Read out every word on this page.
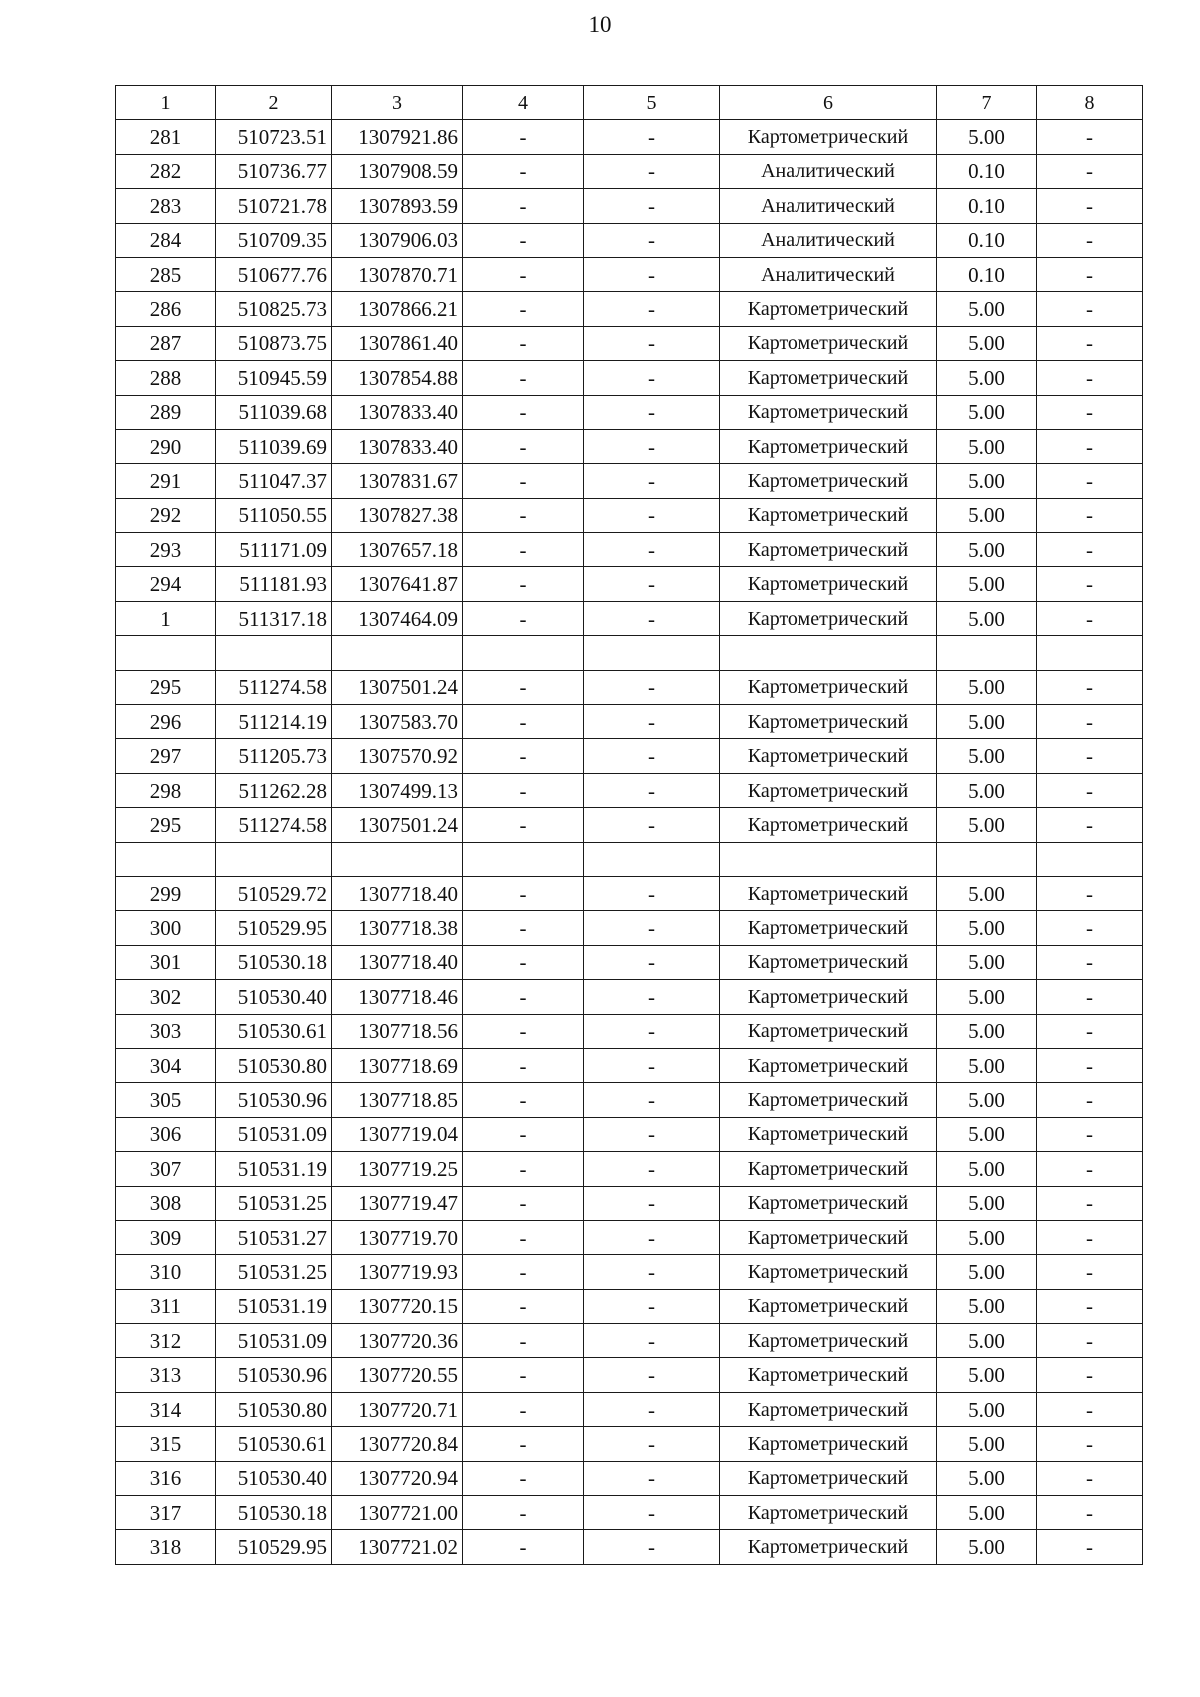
10
1	2	3	4	5	6	7	8
281	510723.51	1307921.86	-	-	Картометрический	5.00	-
282	510736.77	1307908.59	-	-	Аналитический	0.10	-
283	510721.78	1307893.59	-	-	Аналитический	0.10	-
284	510709.35	1307906.03	-	-	Аналитический	0.10	-
285	510677.76	1307870.71	-	-	Аналитический	0.10	-
286	510825.73	1307866.21	-	-	Картометрический	5.00	-
287	510873.75	1307861.40	-	-	Картометрический	5.00	-
288	510945.59	1307854.88	-	-	Картометрический	5.00	-
289	511039.68	1307833.40	-	-	Картометрический	5.00	-
290	511039.69	1307833.40	-	-	Картометрический	5.00	-
291	511047.37	1307831.67	-	-	Картометрический	5.00	-
292	511050.55	1307827.38	-	-	Картометрический	5.00	-
293	511171.09	1307657.18	-	-	Картометрический	5.00	-
294	511181.93	1307641.87	-	-	Картометрический	5.00	-
1	511317.18	1307464.09	-	-	Картометрический	5.00	-

295	511274.58	1307501.24	-	-	Картометрический	5.00	-
296	511214.19	1307583.70	-	-	Картометрический	5.00	-
297	511205.73	1307570.92	-	-	Картометрический	5.00	-
298	511262.28	1307499.13	-	-	Картометрический	5.00	-
295	511274.58	1307501.24	-	-	Картометрический	5.00	-

299	510529.72	1307718.40	-	-	Картометрический	5.00	-
300	510529.95	1307718.38	-	-	Картометрический	5.00	-
301	510530.18	1307718.40	-	-	Картометрический	5.00	-
302	510530.40	1307718.46	-	-	Картометрический	5.00	-
303	510530.61	1307718.56	-	-	Картометрический	5.00	-
304	510530.80	1307718.69	-	-	Картометрический	5.00	-
305	510530.96	1307718.85	-	-	Картометрический	5.00	-
306	510531.09	1307719.04	-	-	Картометрический	5.00	-
307	510531.19	1307719.25	-	-	Картометрический	5.00	-
308	510531.25	1307719.47	-	-	Картометрический	5.00	-
309	510531.27	1307719.70	-	-	Картометрический	5.00	-
310	510531.25	1307719.93	-	-	Картометрический	5.00	-
311	510531.19	1307720.15	-	-	Картометрический	5.00	-
312	510531.09	1307720.36	-	-	Картометрический	5.00	-
313	510530.96	1307720.55	-	-	Картометрический	5.00	-
314	510530.80	1307720.71	-	-	Картометрический	5.00	-
315	510530.61	1307720.84	-	-	Картометрический	5.00	-
316	510530.40	1307720.94	-	-	Картометрический	5.00	-
317	510530.18	1307721.00	-	-	Картометрический	5.00	-
318	510529.95	1307721.02	-	-	Картометрический	5.00	-
